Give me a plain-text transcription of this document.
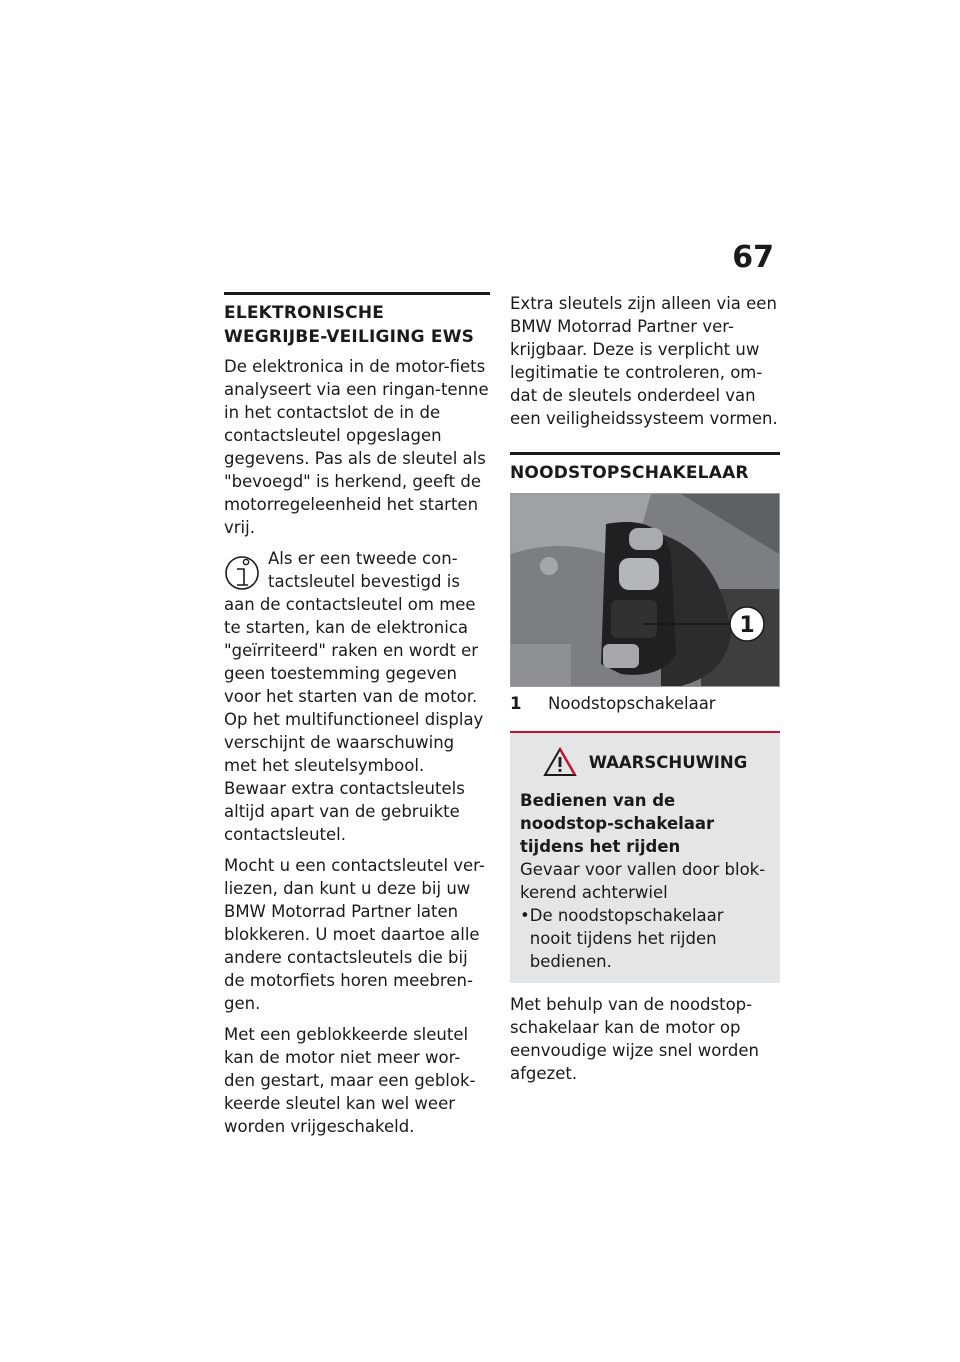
67
ELEKTRONISCHE WEGRIJBE-VEILIGING EWS

De elektronica in de motor-fiets analyseert via een ringan-tenne in het contactslot de in de contactsleutel opgeslagen gegevens. Pas als de sleutel als "bevoegd" is herkend, geeft de motorregeleenheid het starten vrij.

Als er een tweede con-tactsleutel bevestigd is aan de contactsleutel om mee te starten, kan de elektronica "geïrriteerd" raken en wordt er geen toestemming gegeven voor het starten van de motor. Op het multifunctioneel display verschijnt de waarschuwing met het sleutelsymbool.

Bewaar extra contactsleutels altijd apart van de gebruikte contactsleutel.

Mocht u een contactsleutel ver-liezen, dan kunt u deze bij uw BMW Motorrad Partner laten blokkeren. U moet daartoe alle andere contactsleutels die bij de motorfiets horen meebren-gen.

Met een geblokkeerde sleutel kan de motor niet meer wor-den gestart, maar een geblok-keerde sleutel kan wel weer worden vrijgeschakeld.

Extra sleutels zijn alleen via een BMW Motorrad Partner ver-krijgbaar. Deze is verplicht uw legitimatie te controleren, om-dat de sleutels onderdeel van een veiligheidssysteem vormen.

NOODSTOPSCHAKELAAR
1
1	Noodstopschakelaar
WAARSCHUWING

Bedienen van de noodstop-schakelaar tijdens het rijden

Gevaar voor vallen door blok-kerend achterwiel

• De noodstopschakelaar nooit tijdens het rijden bedienen.

Met behulp van de noodstop-schakelaar kan de motor op eenvoudige wijze snel worden afgezet.
